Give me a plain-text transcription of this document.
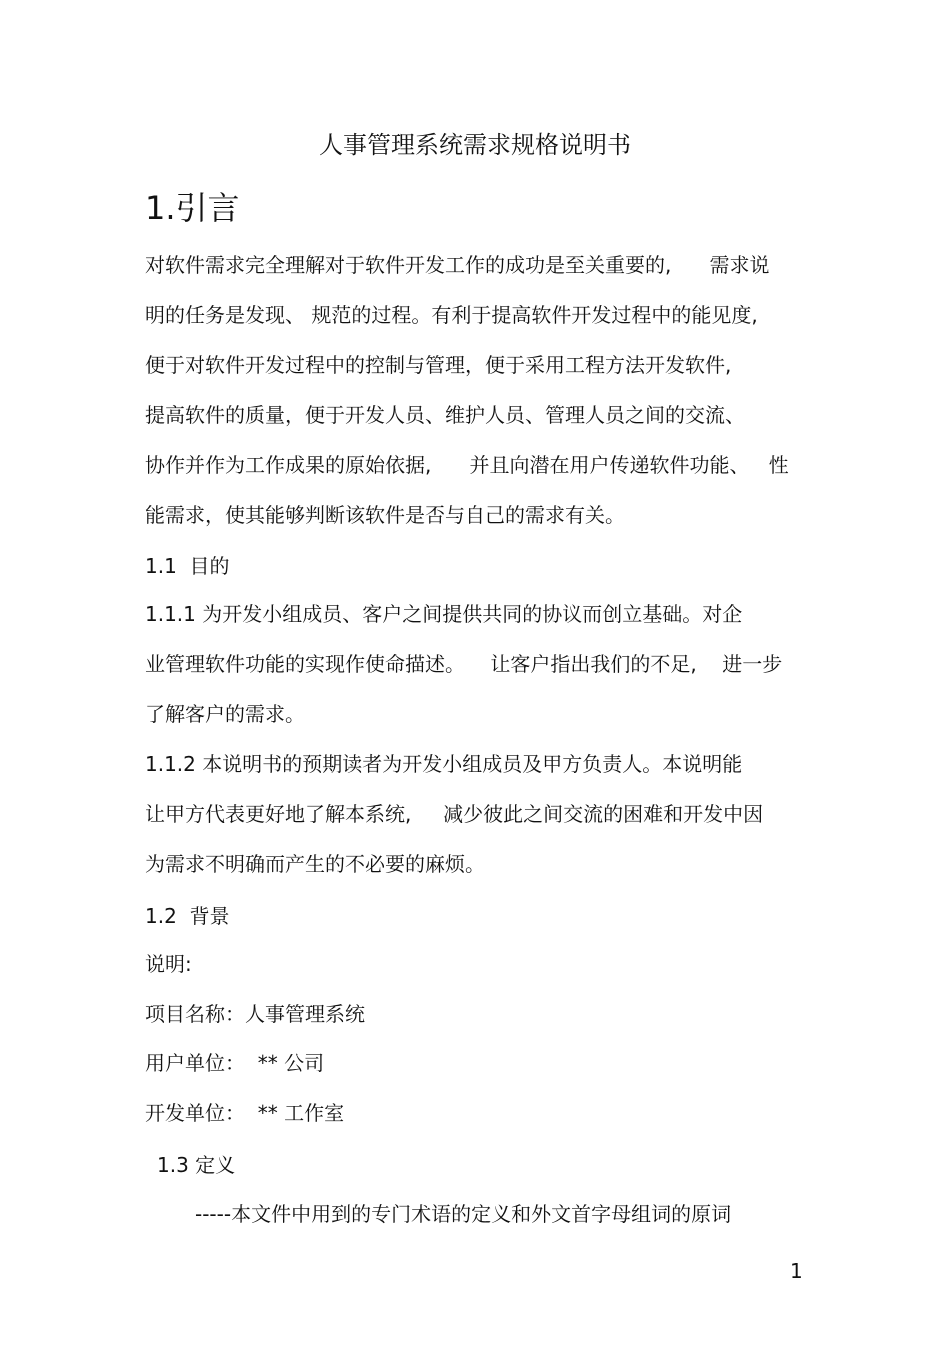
人事管理系统需求规格说明书
1.引言
对软件需求完全理解对于软件开发工作的成功是至关重要的,      需求说
明的任务是发现、 规范的过程。有利于提高软件开发过程中的能见度,
便于对软件开发过程中的控制与管理，便于采用工程方法开发软件,
提高软件的质量，便于开发人员、维护人员、管理人员之间的交流、
协作并作为工作成果的原始依据,      并且向潜在用户传递软件功能、   性
能需求，使其能够判断该软件是否与自己的需求有关。
1.1  目的
1.1.1 为开发小组成员、客户之间提供共同的协议而创立基础。对企
业管理软件功能的实现作使命描述。    让客户指出我们的不足,    进一步
了解客户的需求。
1.1.2 本说明书的预期读者为开发小组成员及甲方负责人。本说明能
让甲方代表更好地了解本系统,     减少彼此之间交流的困难和开发中因
为需求不明确而产生的不必要的麻烦。
1.2  背景
说明:
项目名称：人事管理系统
用户单位：  ** 公司
开发单位：  ** 工作室
1.3 定义
-----本文件中用到的专门术语的定义和外文首字母组词的原词
1
